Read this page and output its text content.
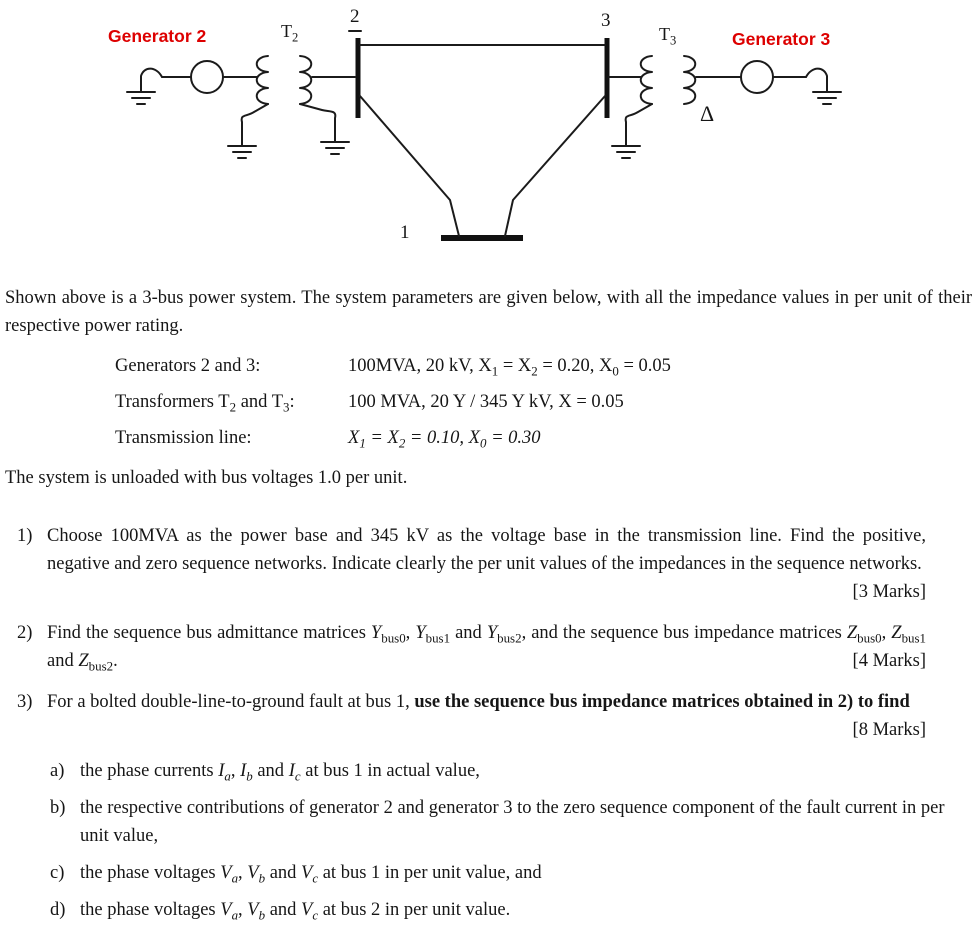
Generator 2	$T_2$
2	3
$T_3$	Generator 3
1
Δ

Shown above is a 3-bus power system. The system parameters are given below, with all the impedance values in per unit of their respective power rating.

Generators 2 and 3:	100MVA, 20 kV, $X_1 = X_2 = 0.20$, $X_0 = 0.05$
Transformers $T_2$ and $T_3$:	100 MVA, 20 Y / 345 Y kV, X = 0.05
Transmission line:	$X_1 = X_2 = 0.10$, $X_0 = 0.30$

The system is unloaded with bus voltages 1.0 per unit.

1) Choose 100MVA as the power base and 345 kV as the voltage base in the transmission line. Find the positive, negative and zero sequence networks. Indicate clearly the per unit values of the impedances in the sequence networks.
[3 Marks]
2) Find the sequence bus admittance matrices $Y_{bus0}$, $Y_{bus1}$ and $Y_{bus2}$, and the sequence bus impedance matrices $Z_{bus0}$, $Z_{bus1}$ and $Z_{bus2}$.	[4 Marks]
3) For a bolted double-line-to-ground fault at bus 1, use the sequence bus impedance matrices obtained in 2) to find
[8 Marks]
a) the phase currents $I_a$, $I_b$ and $I_c$ at bus 1 in actual value,
b) the respective contributions of generator 2 and generator 3 to the zero sequence component of the fault current in per unit value,
c) the phase voltages $V_a$, $V_b$ and $V_c$ at bus 1 in per unit value, and
d) the phase voltages $V_a$, $V_b$ and $V_c$ at bus 2 in per unit value.
